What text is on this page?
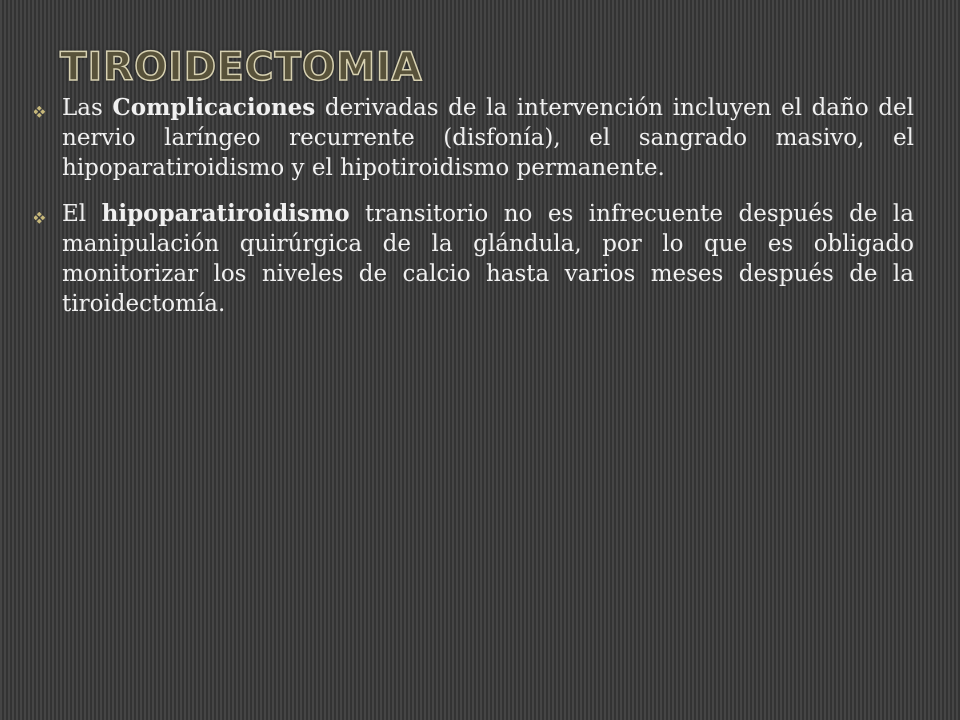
TIROIDECTOMIA
Las Complicaciones derivadas de la intervención incluyen el daño del nervio laríngeo recurrente (disfonía), el sangrado masivo, el hipoparatiroidismo y el hipotiroidismo permanente.
El hipoparatiroidismo transitorio no es infrecuente después de la manipulación quirúrgica de la glándula, por lo que es obligado monitorizar los niveles de calcio hasta varios meses después de la tiroidectomía.
